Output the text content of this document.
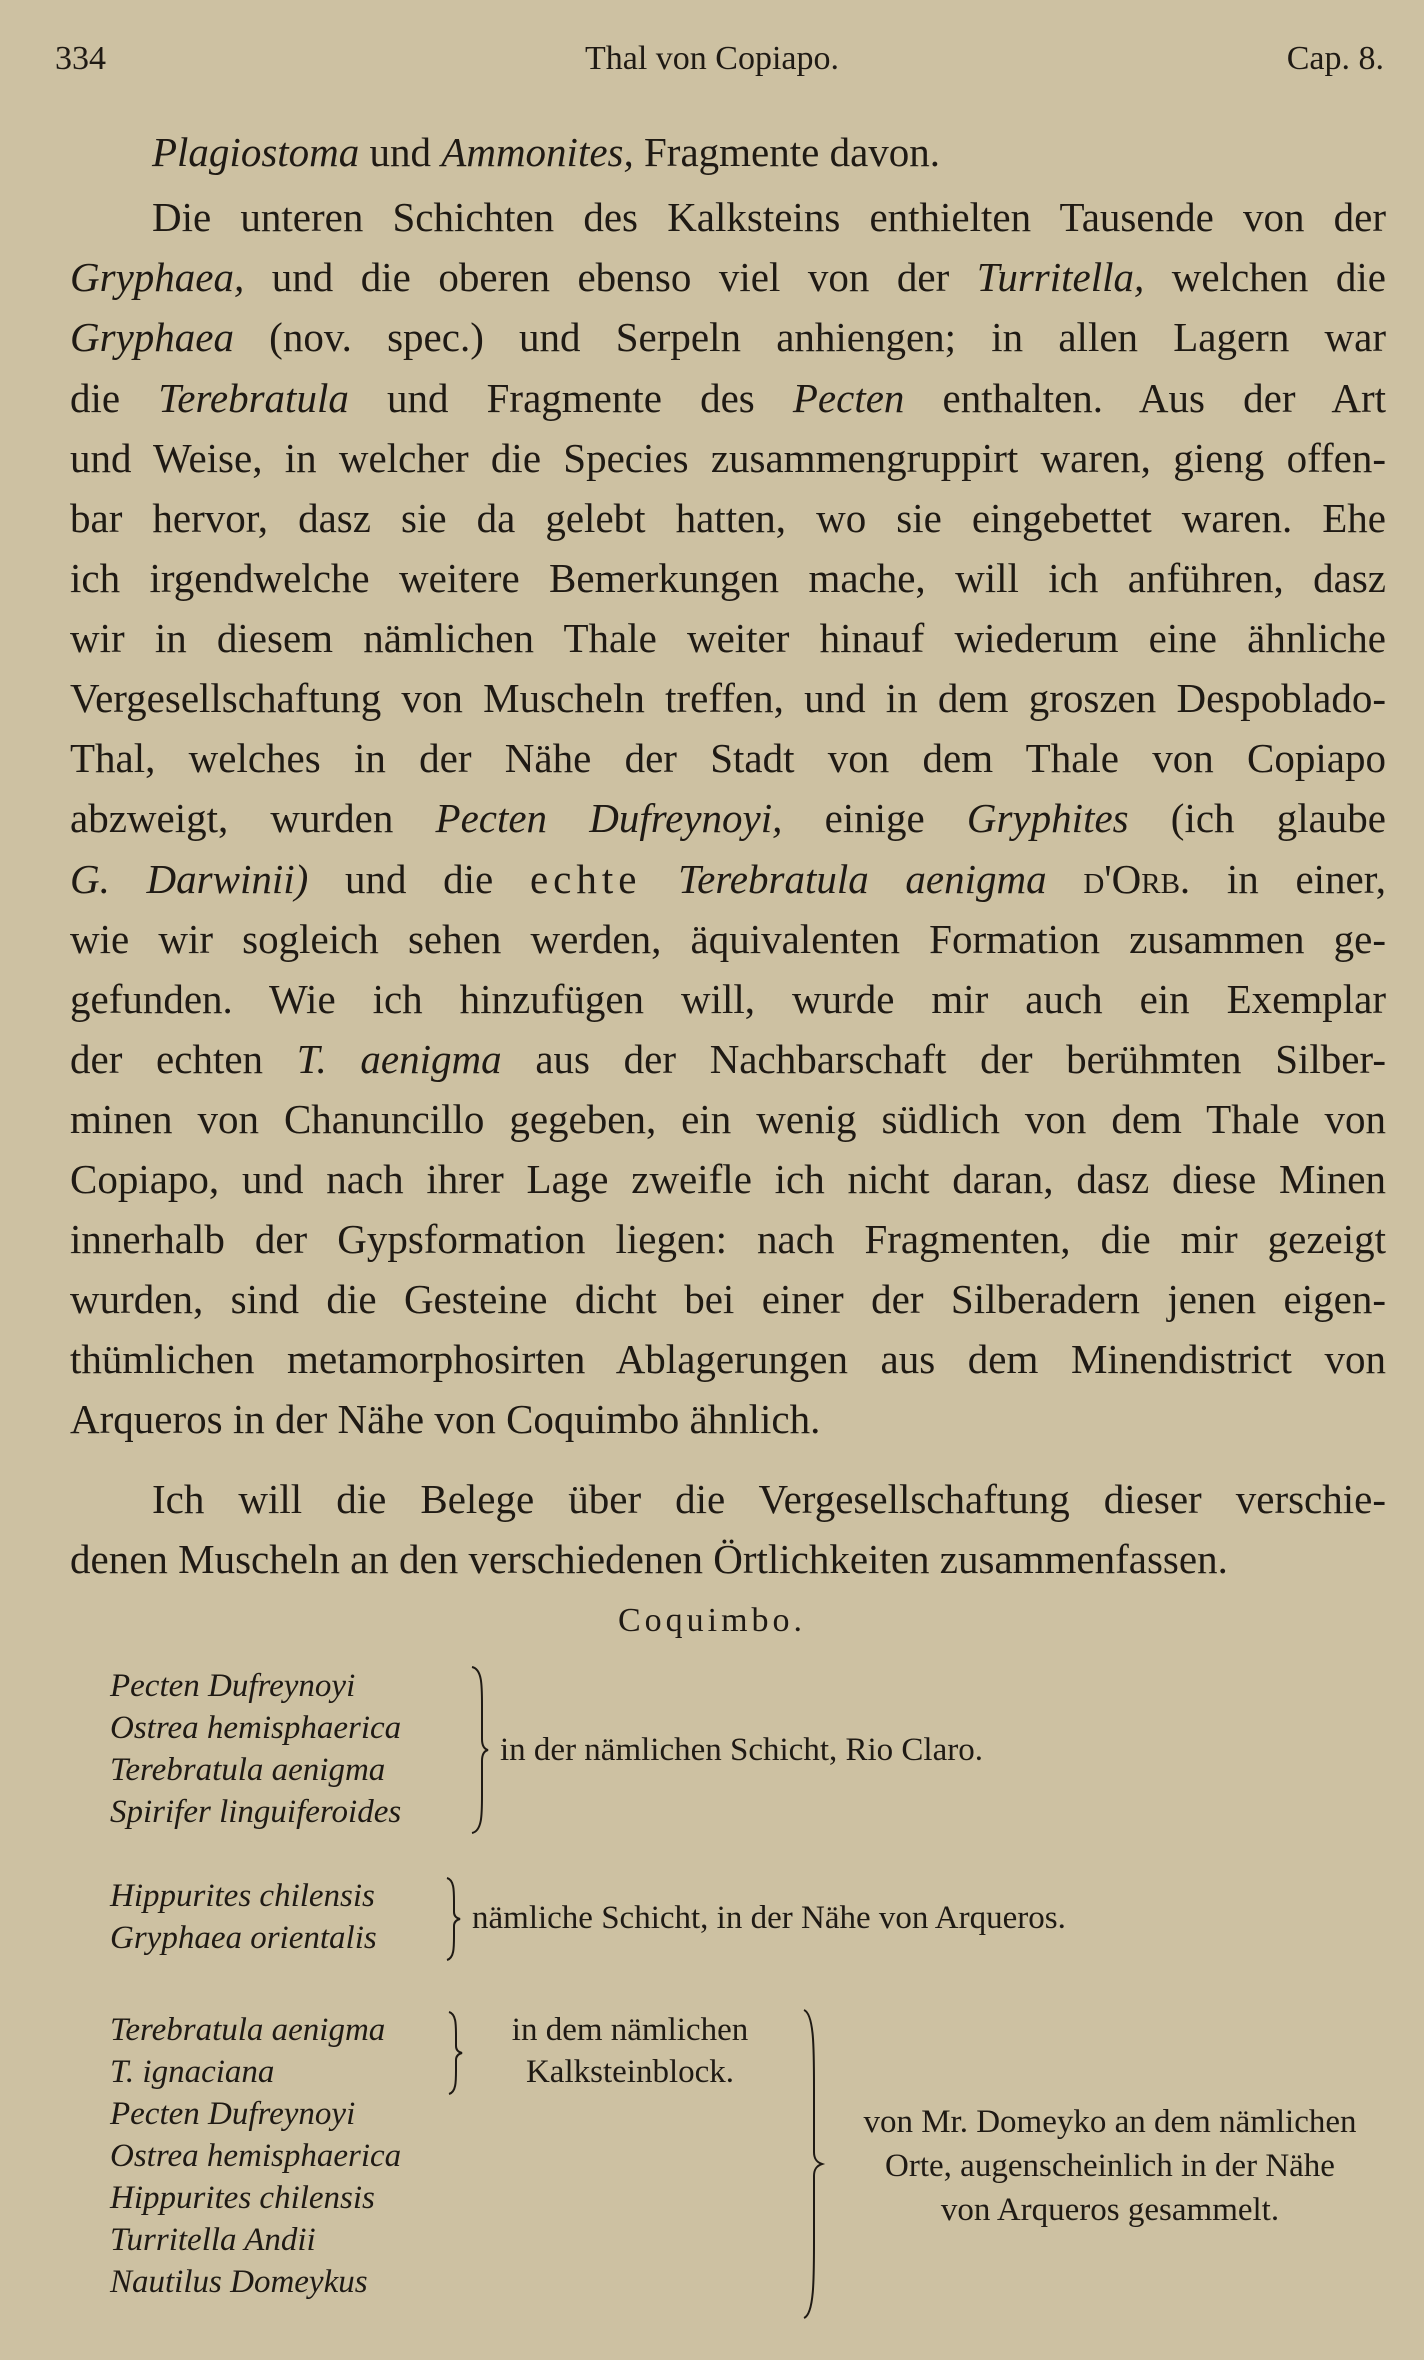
334	Thal von Copiapo.	Cap. 8.
Plagiostoma und Ammonites, Fragmente davon.
Die unteren Schichten des Kalksteins enthielten Tausende von der
Gryphaea, und die oberen ebenso viel von der Turritella, welchen die
Gryphaea (nov. spec.) und Serpeln anhiengen; in allen Lagern war
die Terebratula und Fragmente des Pecten enthalten. Aus der Art
und Weise, in welcher die Species zusammengruppirt waren, gieng offen-
bar hervor, dasz sie da gelebt hatten, wo sie eingebettet waren. Ehe
ich irgendwelche weitere Bemerkungen mache, will ich anführen, dasz
wir in diesem nämlichen Thale weiter hinauf wiederum eine ähnliche
Vergesellschaftung von Muscheln treffen, und in dem groszen Despoblado-
Thal, welches in der Nähe der Stadt von dem Thale von Copiapo
abzweigt, wurden Pecten Dufreynoyi, einige Gryphites (ich glaube
G. Darwinii) und die echte Terebratula aenigma d'Orb. in einer,
wie wir sogleich sehen werden, äquivalenten Formation zusammen ge-
gefunden. Wie ich hinzufügen will, wurde mir auch ein Exemplar
der echten T. aenigma aus der Nachbarschaft der berühmten Silber-
minen von Chanuncillo gegeben, ein wenig südlich von dem Thale von
Copiapo, und nach ihrer Lage zweifle ich nicht daran, dasz diese Minen
innerhalb der Gypsformation liegen: nach Fragmenten, die mir gezeigt
wurden, sind die Gesteine dicht bei einer der Silberadern jenen eigen-
thümlichen metamorphosirten Ablagerungen aus dem Minendistrict von
Arqueros in der Nähe von Coquimbo ähnlich.
Ich will die Belege über die Vergesellschaftung dieser verschie-
denen Muscheln an den verschiedenen Örtlichkeiten zusammenfassen.
Coquimbo.
Pecten Dufreynoyi
Ostrea hemisphaerica
Terebratula aenigma
Spirifer linguiferoides
in der nämlichen Schicht, Rio Claro.
Hippurites chilensis
Gryphaea orientalis
nämliche Schicht, in der Nähe von Arqueros.
Terebratula aenigma
T. ignaciana
Pecten Dufreynoyi
Ostrea hemisphaerica
Hippurites chilensis
Turritella Andii
Nautilus Domeykus
in dem nämlichen
Kalksteinblock.
von Mr. Domeyko an dem nämlichen
Orte, augenscheinlich in der Nähe
von Arqueros gesammelt.
